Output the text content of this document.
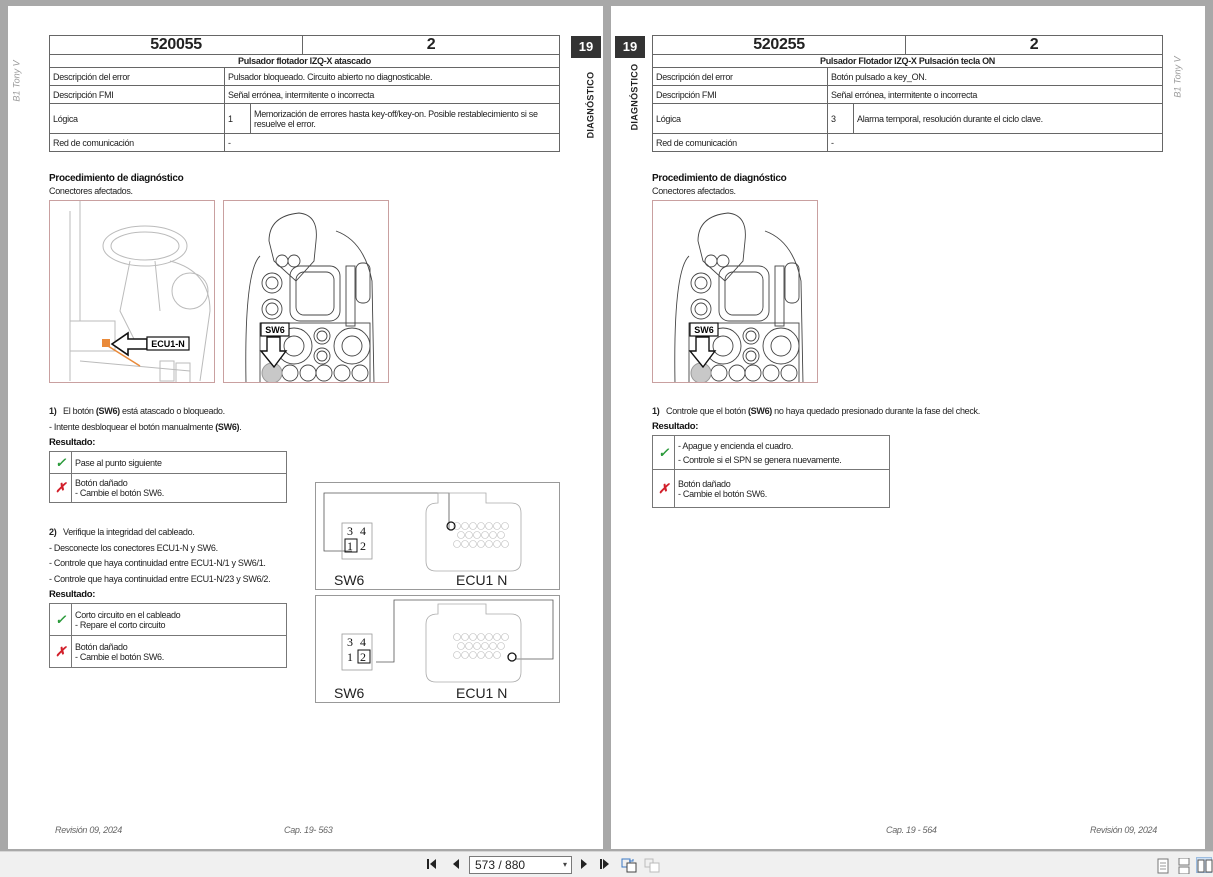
B1 Tony V
19
DIAGNÓSTICO
520055			2
Pulsador flotador IZQ-X atascado			
Descripción del error	Pulsador bloqueado. Circuito abierto no diagnosticable.		
Descripción FMI	Señal errónea, intermitente o incorrecta		
Lógica	1	Memorización de errores hasta key-off/key-on. Posible restablecimiento si se resuelve el error.	
Red de comunicación	-		
Procedimiento de diagnóstico
Conectores afectados.
ECU1-N
SW6
1) El botón (SW6) está atascado o bloqueado.
- Intente desbloquear el botón manualmente (SW6).
Resultado:
✓	Pase al punto siguiente
✗	Botón dañado
- Cambie el botón SW6.
2) Verifique la integridad del cableado.
- Desconecte los conectores ECU1-N y SW6.
- Controle que haya continuidad entre ECU1-N/1 y SW6/1.
- Controle que haya continuidad entre ECU1-N/23 y SW6/2.
Resultado:
✓	Corto circuito en el cableado
- Repare el corto circuito

✗	Botón dañado
- Cambie el botón SW6.
3 4
1 2
SW6	ECU1 N
3 4
1 2
SW6	ECU1 N
Revisión 09, 2024	Cap. 19- 563
19
DIAGNÓSTICO	B1 Tony V
520255			2
Pulsador Flotador IZQ-X Pulsación tecla ON			
Descripción del error	Botón pulsado a key_ON.		
Descripción FMI	Señal errónea, intermitente o incorrecta		
Lógica	3	Alarma temporal, resolución durante el ciclo clave.	
Red de comunicación	-		
Procedimiento de diagnóstico
Conectores afectados.
SW6
1) Controle que el botón (SW6) no haya quedado presionado durante la fase del check.
Resultado:
✓	- Apague y encienda el cuadro.
- Controle si el SPN se genera nuevamente.

✗	Botón dañado
- Cambie el botón SW6.
Cap. 19 - 564	Revisión 09, 2024
573 / 880	▾
